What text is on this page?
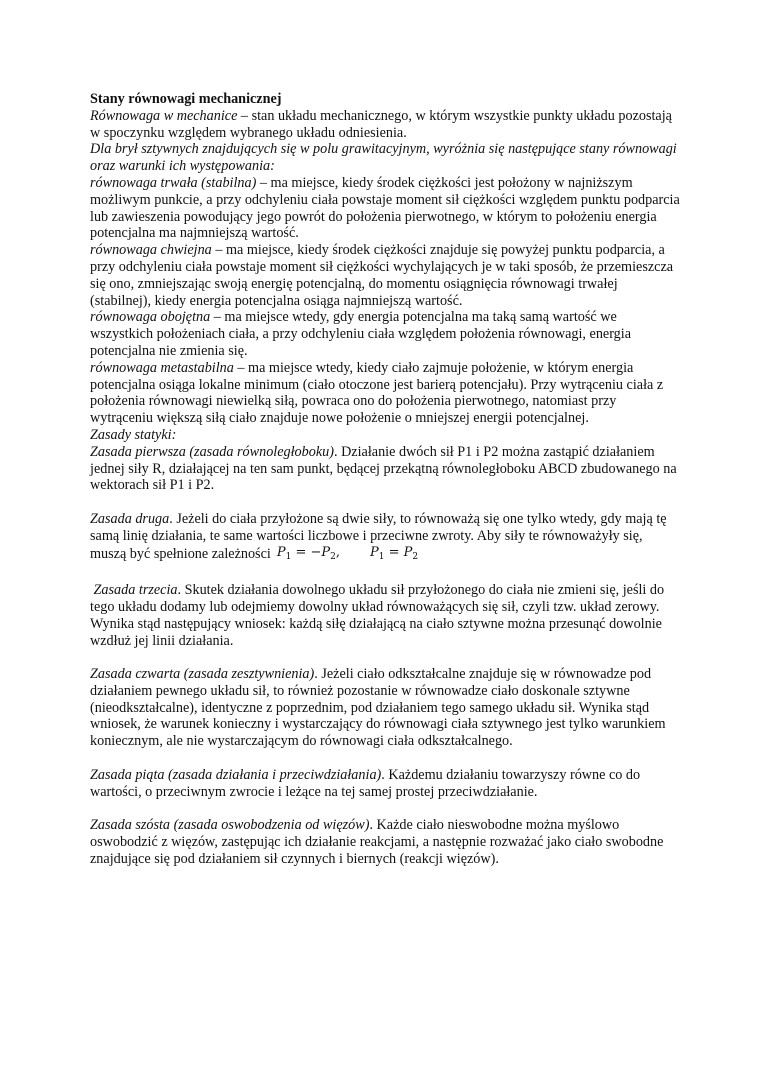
Stany równowagi mechanicznej

Równowaga w mechanice – stan układu mechanicznego, w którym wszystkie punkty układu pozostają w spoczynku względem wybranego układu odniesienia.

Dla brył sztywnych znajdujących się w polu grawitacyjnym, wyróżnia się następujące stany równowagi oraz warunki ich występowania:

równowaga trwała (stabilna) – ma miejsce, kiedy środek ciężkości jest położony w najniższym możliwym punkcie, a przy odchyleniu ciała powstaje moment sił ciężkości względem punktu podparcia lub zawieszenia powodujący jego powrót do położenia pierwotnego, w którym to położeniu energia potencjalna ma najmniejszą wartość.

równowaga chwiejna – ma miejsce, kiedy środek ciężkości znajduje się powyżej punktu podparcia, a przy odchyleniu ciała powstaje moment sił ciężkości wychylających je w taki sposób, że przemieszcza się ono, zmniejszając swoją energię potencjalną, do momentu osiągnięcia równowagi trwałej (stabilnej), kiedy energia potencjalna osiąga najmniejszą wartość.

równowaga obojętna – ma miejsce wtedy, gdy energia potencjalna ma taką samą wartość we wszystkich położeniach ciała, a przy odchyleniu ciała względem położenia równowagi, energia potencjalna nie zmienia się.

równowaga metastabilna – ma miejsce wtedy, kiedy ciało zajmuje położenie, w którym energia potencjalna osiąga lokalne minimum (ciało otoczone jest barierą potencjału). Przy wytrąceniu ciała z położenia równowagi niewielką siłą, powraca ono do położenia pierwotnego, natomiast przy wytrąceniu większą siłą ciało znajduje nowe położenie o mniejszej energii potencjalnej.

Zasady statyki:

Zasada pierwsza (zasada równoległoboku). Działanie dwóch sił P1 i P2 można zastąpić działaniem jednej siły R, działającej na ten sam punkt, będącej przekątną równoległoboku ABCD zbudowanego na wektorach sił P1 i P2.

Zasada druga. Jeżeli do ciała przyłożone są dwie siły, to równoważą się one tylko wtedy, gdy mają tę samą linię działania, te same wartości liczbowe i przeciwne zwroty. Aby siły te równoważyły się, muszą być spełnione zależności $P_1 = -P_2$, $P_1 = P_2$

Zasada trzecia. Skutek działania dowolnego układu sił przyłożonego do ciała nie zmieni się, jeśli do tego układu dodamy lub odejmiemy dowolny układ równoważących się sił, czyli tzw. układ zerowy. Wynika stąd następujący wniosek: każdą siłę działającą na ciało sztywne można przesunąć dowolnie wzdłuż jej linii działania.

Zasada czwarta (zasada zesztywnienia). Jeżeli ciało odkształcalne znajduje się w równowadze pod działaniem pewnego układu sił, to również pozostanie w równowadze ciało doskonale sztywne (nieodkształcalne), identyczne z poprzednim, pod działaniem tego samego układu sił. Wynika stąd wniosek, że warunek konieczny i wystarczający do równowagi ciała sztywnego jest tylko warunkiem koniecznym, ale nie wystarczającym do równowagi ciała odkształcalnego.

Zasada piąta (zasada działania i przeciwdziałania). Każdemu działaniu towarzyszy równe co do wartości, o przeciwnym zwrocie i leżące na tej samej prostej przeciwdziałanie.

Zasada szósta (zasada oswobodzenia od więzów). Każde ciało nieswobodne można myślowo oswobodzić z więzów, zastępując ich działanie reakcjami, a następnie rozważać jako ciało swobodne znajdujące się pod działaniem sił czynnych i biernych (reakcji więzów).
